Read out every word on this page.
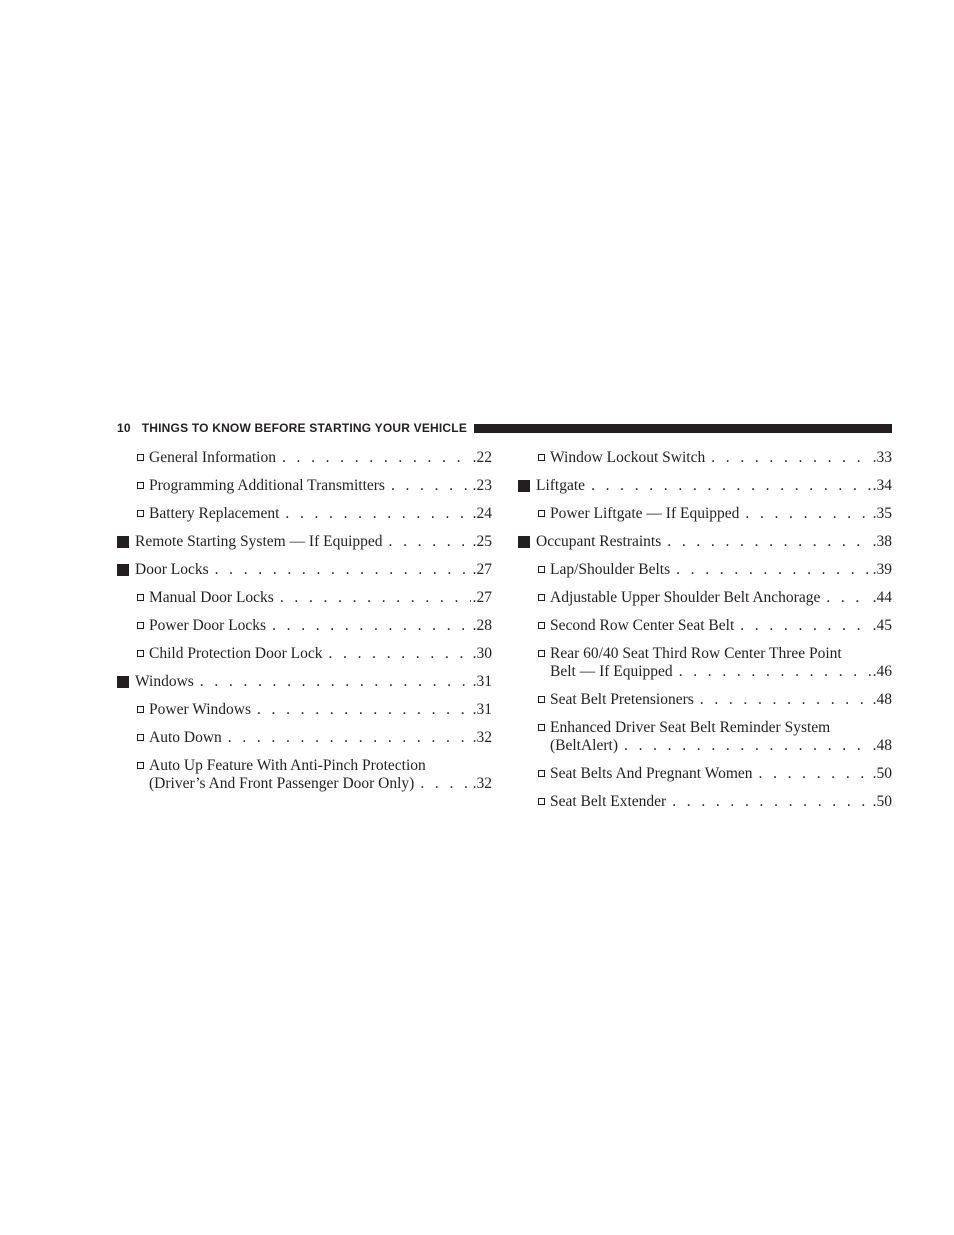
10 THINGS TO KNOW BEFORE STARTING YOUR VEHICLE
General Information . . .	.22
Programming Additional Transmitters . . .	.23
Battery Replacement . . .	.24
Remote Starting System — If Equipped . . .	.25
Door Locks . . .	.27
Manual Door Locks . . .	.27
Power Door Locks . . .	.28
Child Protection Door Lock . . .	.30
Windows . . .	.31
Power Windows . . .	.31
Auto Down . . .	.32
Auto Up Feature With Anti-Pinch Protection
(Driver’s And Front Passenger Door Only) . . .	.32
Window Lockout Switch . . .	.33
Liftgate . . .	.34
Power Liftgate — If Equipped . . .	.35
Occupant Restraints . . .	.38
Lap/Shoulder Belts . . .	.39
Adjustable Upper Shoulder Belt Anchorage . . .	.44
Second Row Center Seat Belt . . .	.45
Rear 60/40 Seat Third Row Center Three Point
Belt — If Equipped . . .	.46
Seat Belt Pretensioners . . .	.48
Enhanced Driver Seat Belt Reminder System
(BeltAlert) . . .	.48
Seat Belts And Pregnant Women . . .	.50
Seat Belt Extender . . .	.50
